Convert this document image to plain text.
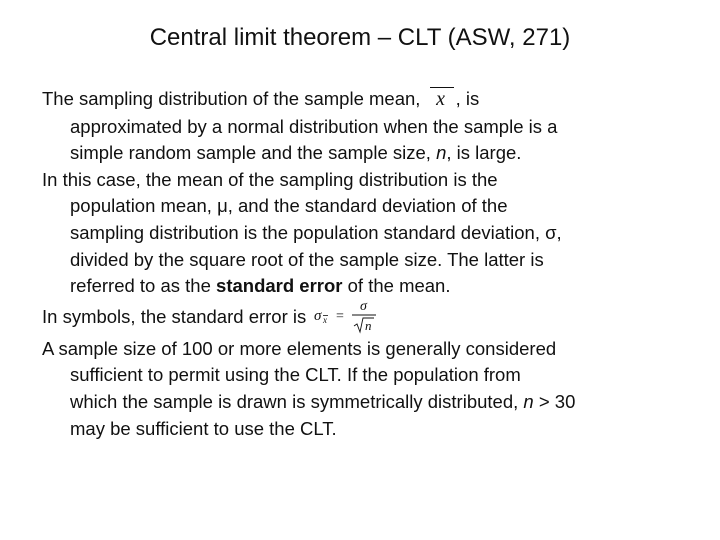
Central limit theorem – CLT (ASW, 271)

The sampling distribution of the sample mean, x , is
approximated by a normal distribution when the sample is a
simple random sample and the sample size, n, is large.

In this case, the mean of the sampling distribution is the
population mean, μ, and the standard deviation of the
sampling distribution is the population standard deviation, σ,
divided by the square root of the sample size. The latter is
referred to as the standard error of the mean.

In symbols, the standard error is σ x =
σ
n

A sample size of 100 or more elements is generally considered
sufficient to permit using the CLT. If the population from
which the sample is drawn is symmetrically distributed, n > 30
may be sufficient to use the CLT.
